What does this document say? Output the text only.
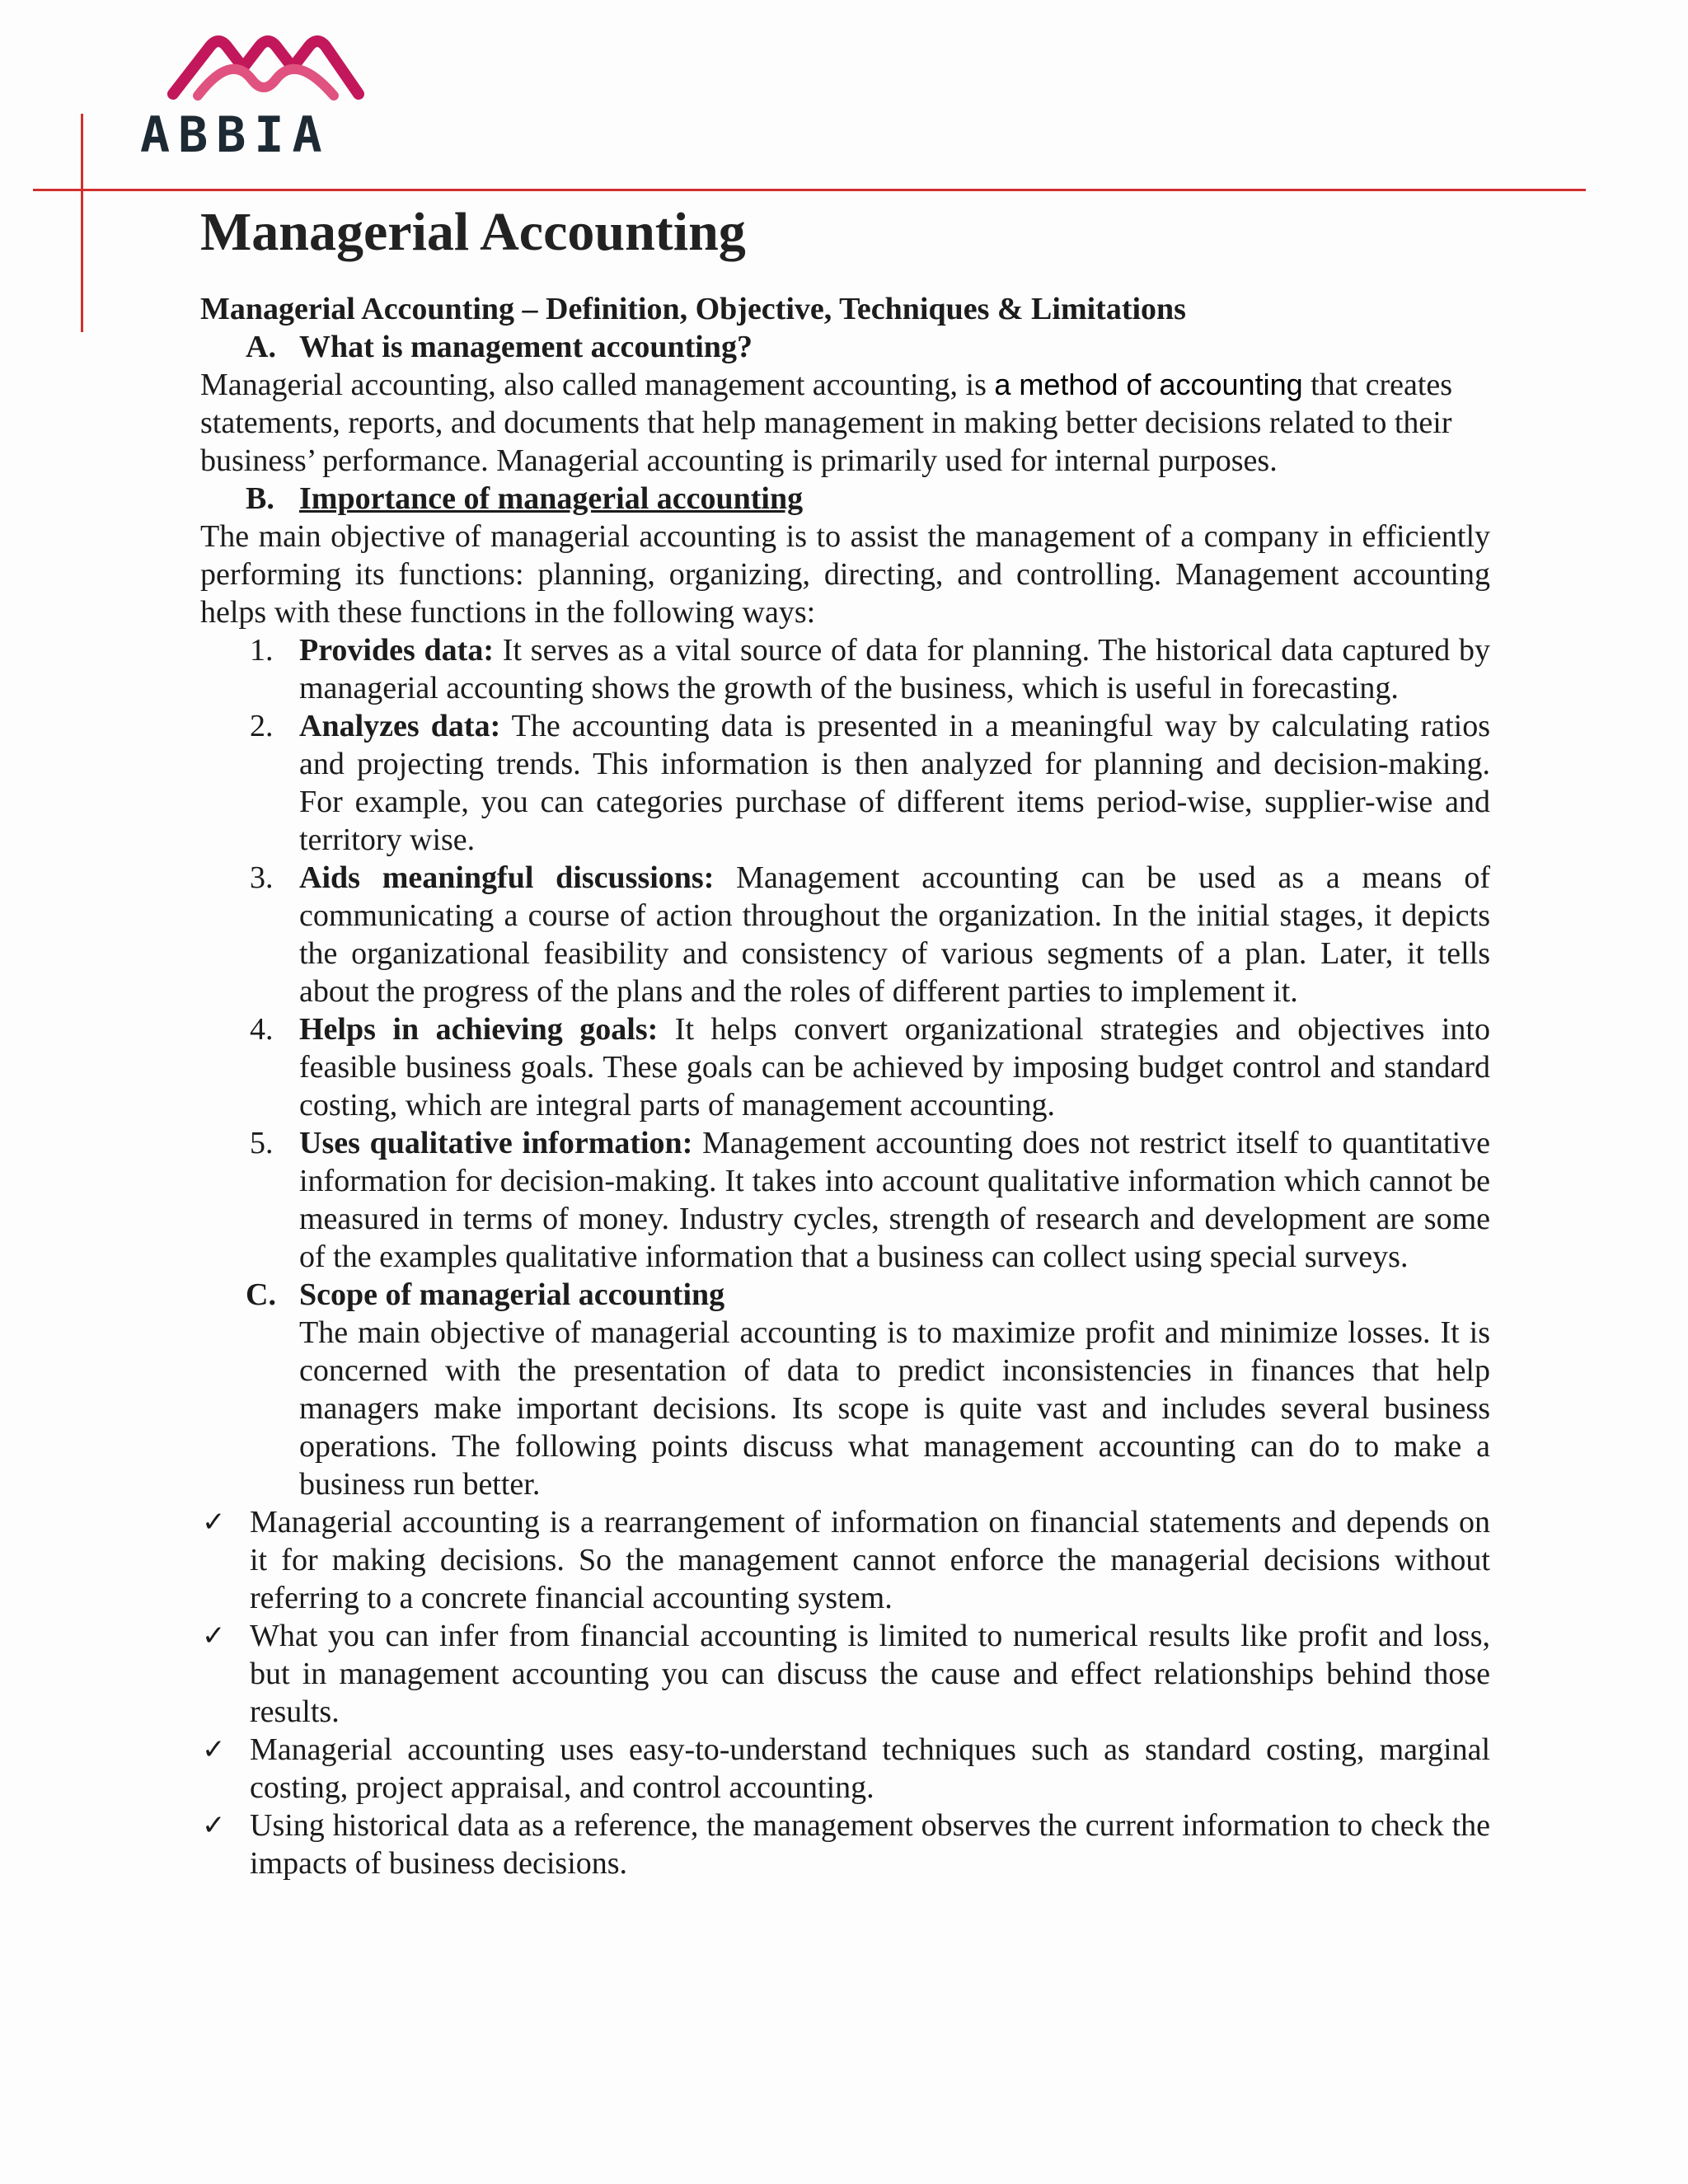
ABBIA
Managerial Accounting

Managerial Accounting – Definition, Objective, Techniques & Limitations

A. What is management accounting?

Managerial accounting, also called management accounting, is a method of accounting that creates statements, reports, and documents that help management in making better decisions related to their business’ performance. Managerial accounting is primarily used for internal purposes.

B. Importance of managerial accounting

The main objective of managerial accounting is to assist the management of a company in efficiently performing its functions: planning, organizing, directing, and controlling. Management accounting helps with these functions in the following ways:

1. Provides data: It serves as a vital source of data for planning. The historical data captured by managerial accounting shows the growth of the business, which is useful in forecasting.
2. Analyzes data: The accounting data is presented in a meaningful way by calculating ratios and projecting trends. This information is then analyzed for planning and decision-making. For example, you can categories purchase of different items period-wise, supplier-wise and territory wise.
3. Aids meaningful discussions: Management accounting can be used as a means of communicating a course of action throughout the organization. In the initial stages, it depicts the organizational feasibility and consistency of various segments of a plan. Later, it tells about the progress of the plans and the roles of different parties to implement it.
4. Helps in achieving goals: It helps convert organizational strategies and objectives into feasible business goals. These goals can be achieved by imposing budget control and standard costing, which are integral parts of management accounting.
5. Uses qualitative information: Management accounting does not restrict itself to quantitative information for decision-making. It takes into account qualitative information which cannot be measured in terms of money. Industry cycles, strength of research and development are some of the examples qualitative information that a business can collect using special surveys.
C. Scope of managerial accounting

The main objective of managerial accounting is to maximize profit and minimize losses. It is concerned with the presentation of data to predict inconsistencies in finances that help managers make important decisions. Its scope is quite vast and includes several business operations. The following points discuss what management accounting can do to make a business run better.

✓ Managerial accounting is a rearrangement of information on financial statements and depends on it for making decisions. So the management cannot enforce the managerial decisions without referring to a concrete financial accounting system.
✓ What you can infer from financial accounting is limited to numerical results like profit and loss, but in management accounting you can discuss the cause and effect relationships behind those results.
✓ Managerial accounting uses easy-to-understand techniques such as standard costing, marginal costing, project appraisal, and control accounting.
✓ Using historical data as a reference, the management observes the current information to check the impacts of business decisions.
